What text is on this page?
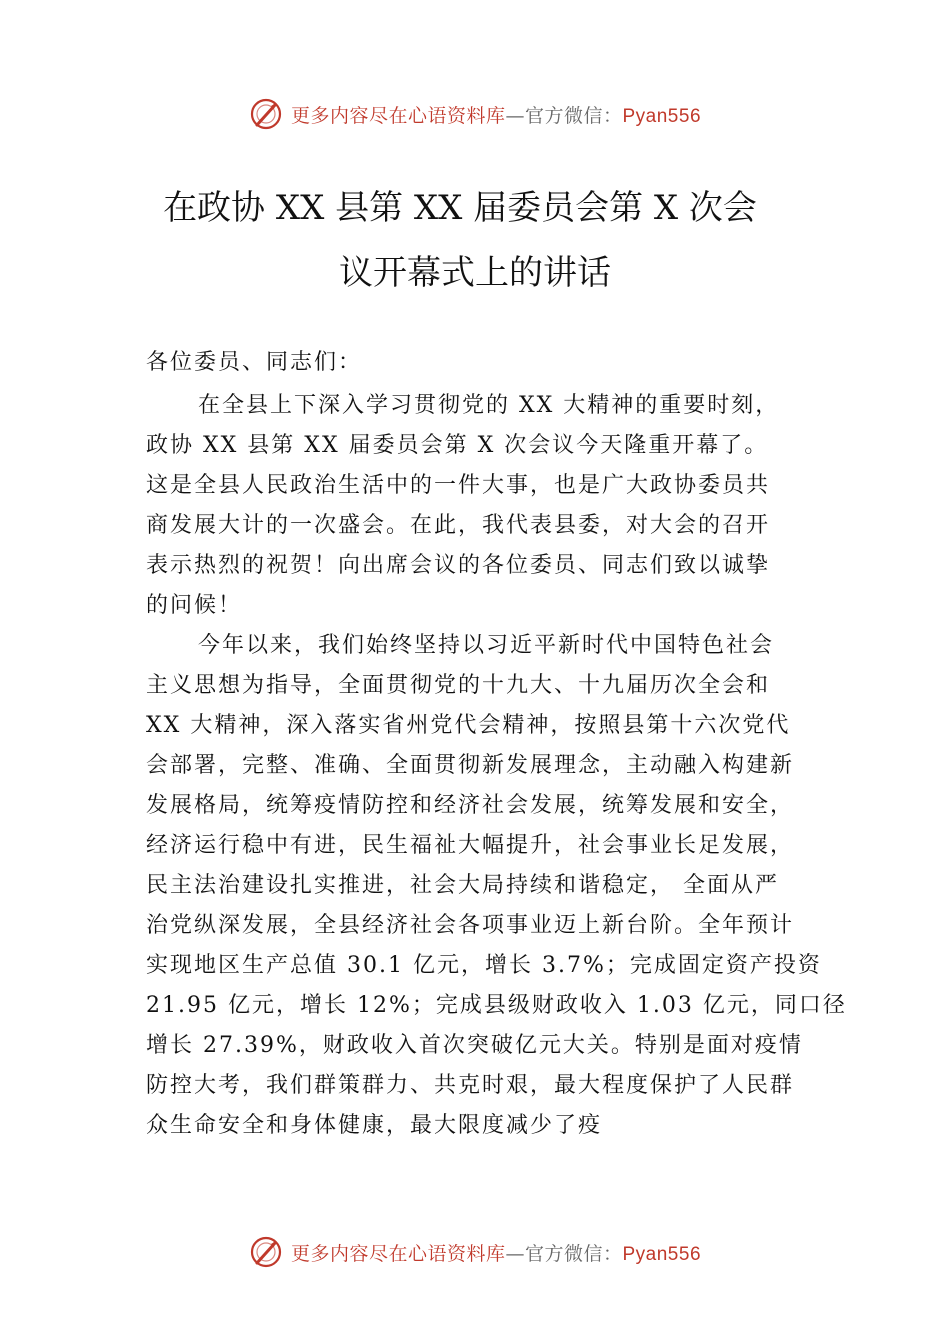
更多内容尽在心语资料库—官方微信：Pyan556
在政协 XX 县第 XX 届委员会第 X 次会
议开幕式上的讲话
各位委员、同志们：
在全县上下深入学习贯彻党的 XX 大精神的重要时刻，
政协 XX 县第 XX 届委员会第 X 次会议今天隆重开幕了。
这是全县人民政治生活中的一件大事，也是广大政协委员共
商发展大计的一次盛会。在此，我代表县委，对大会的召开
表示热烈的祝贺！向出席会议的各位委员、同志们致以诚挚
的问候！
今年以来，我们始终坚持以习近平新时代中国特色社会
主义思想为指导，全面贯彻党的十九大、十九届历次全会和
XX 大精神，深入落实省州党代会精神，按照县第十六次党代
会部署，完整、准确、全面贯彻新发展理念，主动融入构建新
发展格局，统筹疫情防控和经济社会发展，统筹发展和安全，
经济运行稳中有进，民生福祉大幅提升，社会事业长足发展，
民主法治建设扎实推进，社会大局持续和谐稳定， 全面从严
治党纵深发展，全县经济社会各项事业迈上新台阶。全年预计
实现地区生产总值 30.1 亿元，增长 3.7%；完成固定资产投资
21.95 亿元，增长 12%；完成县级财政收入 1.03 亿元，同口径
增长 27.39%，财政收入首次突破亿元大关。特别是面对疫情
防控大考，我们群策群力、共克时艰，最大程度保护了人民群
众生命安全和身体健康，最大限度减少了疫
更多内容尽在心语资料库—官方微信：Pyan556
